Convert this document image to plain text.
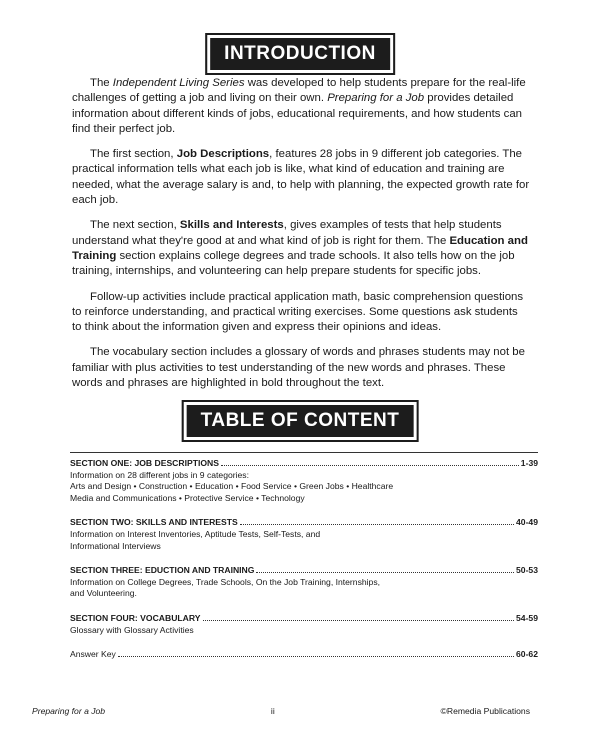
INTRODUCTION

The Independent Living Series was developed to help students prepare for the real-life challenges of getting a job and living on their own. Preparing for a Job provides detailed information about different kinds of jobs, educational requirements, and how students can find their perfect job.

The first section, Job Descriptions, features 28 jobs in 9 different job categories. The practical information tells what each job is like, what kind of education and training are needed, what the average salary is and, to help with planning, the expected growth rate for each job.

The next section, Skills and Interests, gives examples of tests that help students understand what they're good at and what kind of job is right for them. The Education and Training section explains college degrees and trade schools. It also tells how on the job training, internships, and volunteering can help prepare students for specific jobs.

Follow-up activities include practical application math, basic comprehension questions to reinforce understanding, and practical writing exercises. Some questions ask students to think about the information given and express their opinions and ideas.

The vocabulary section includes a glossary of words and phrases students may not be familiar with plus activities to test understanding of the new words and phrases. These words and phrases are highlighted in bold throughout the text.

TABLE OF CONTENT
SECTION ONE: JOB DESCRIPTIONS	1-39
Information on 28 different jobs in 9 categories:
Arts and Design • Construction • Education • Food Service • Green Jobs • Healthcare
Media and Communications • Protective Service • Technology
SECTION TWO: SKILLS AND INTERESTS	40-49
Information on Interest Inventories, Aptitude Tests, Self-Tests, and
Informational Interviews
SECTION THREE: EDUCTION AND TRAINING	50-53
Information on College Degrees, Trade Schools, On the Job Training, Internships,
and Volunteering.
SECTION FOUR: VOCABULARY	54-59
Glossary with Glossary Activities
Answer Key	60-62
Preparing for a Job	ii	©Remedia Publications
